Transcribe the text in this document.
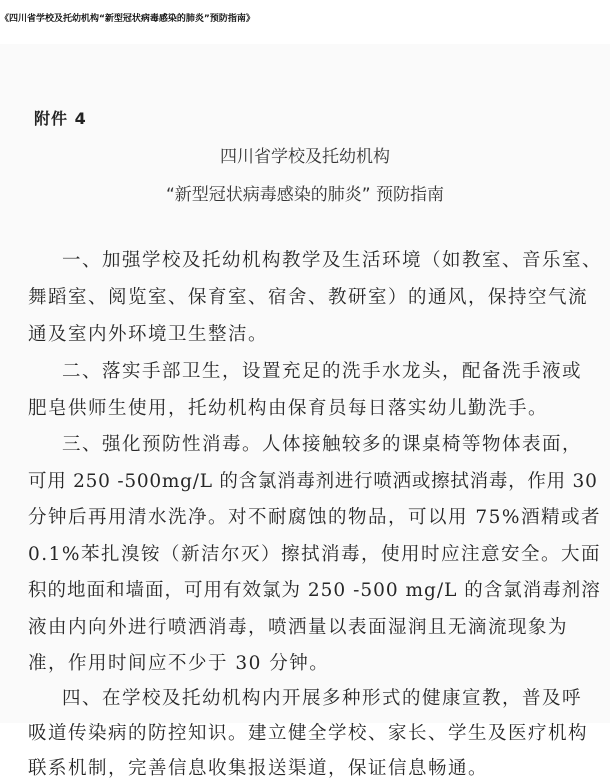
《四川省学校及托幼机构“新型冠状病毒感染的肺炎”预防指南》
附件 4
四川省学校及托幼机构
“新型冠状病毒感染的肺炎” 预防指南
一、加强学校及托幼机构教学及生活环境（如教室、音乐室、
舞蹈室、阅览室、保育室、宿舍、教研室）的通风，保持空气流
通及室内外环境卫生整洁。
二、落实手部卫生，设置充足的洗手水龙头，配备洗手液或
肥皂供师生使用，托幼机构由保育员每日落实幼儿勤洗手。
三、强化预防性消毒。人体接触较多的课桌椅等物体表面，
可用 250 -500mg/L 的含氯消毒剂进行喷洒或擦拭消毒，作用 30
分钟后再用清水洗净。对不耐腐蚀的物品，可以用 75%酒精或者
0.1%苯扎溴铵（新洁尔灭）擦拭消毒，使用时应注意安全。大面
积的地面和墙面，可用有效氯为 250 -500 mg/L 的含氯消毒剂溶
液由内向外进行喷洒消毒，喷洒量以表面湿润且无滴流现象为
准，作用时间应不少于 30 分钟。
四、在学校及托幼机构内开展多种形式的健康宣教，普及呼
吸道传染病的防控知识。建立健全学校、家长、学生及医疗机构
联系机制，完善信息收集报送渠道，保证信息畅通。
